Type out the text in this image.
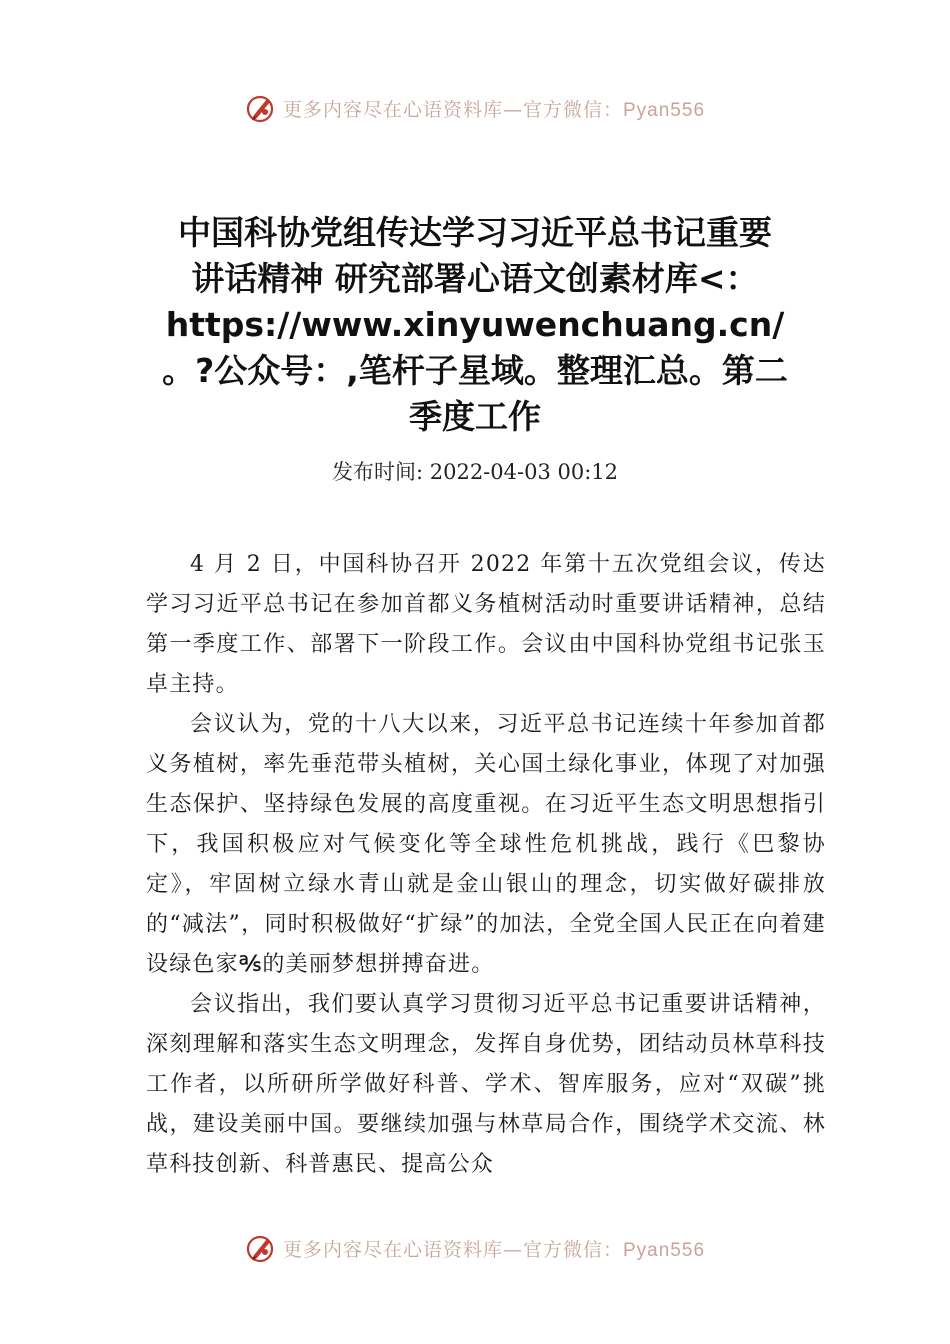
更多内容尽在心语资料库—官方微信：Pyan556
中国科协党组传达学习习近平总书记重要
讲话精神 研究部署心语文创素材库<：
https://www.xinyuwenchuang.cn/
。?公众号：,笔杆子星域。整理汇总。第二
季度工作
发布时间: 2022-04-03 00:12

4 月 2 日，中国科协召开 2022 年第十五次党组会议，传达学习习近平总书记在参加首都义务植树活动时重要讲话精神，总结第一季度工作、部署下一阶段工作。会议由中国科协党组书记张玉卓主持。

会议认为，党的十八大以来，习近平总书记连续十年参加首都义务植树，率先垂范带头植树，关心国土绿化事业，体现了对加强生态保护、坚持绿色发展的高度重视。在习近平生态文明思想指引下，我国积极应对气候变化等全球性危机挑战，践行《巴黎协定》，牢固树立绿水青山就是金山银山的理念，切实做好碳排放的“减法”，同时积极做好“扩绿”的加法，全党全国人民正在向着建设绿色家℁的美丽梦想拼搏奋进。

会议指出，我们要认真学习贯彻习近平总书记重要讲话精神，深刻理解和落实生态文明理念，发挥自身优势，团结动员林草科技工作者，以所研所学做好科普、学术、智库服务，应对“双碳”挑战，建设美丽中国。要继续加强与林草局合作，围绕学术交流、林草科技创新、科普惠民、提高公众

更多内容尽在心语资料库—官方微信：Pyan556
